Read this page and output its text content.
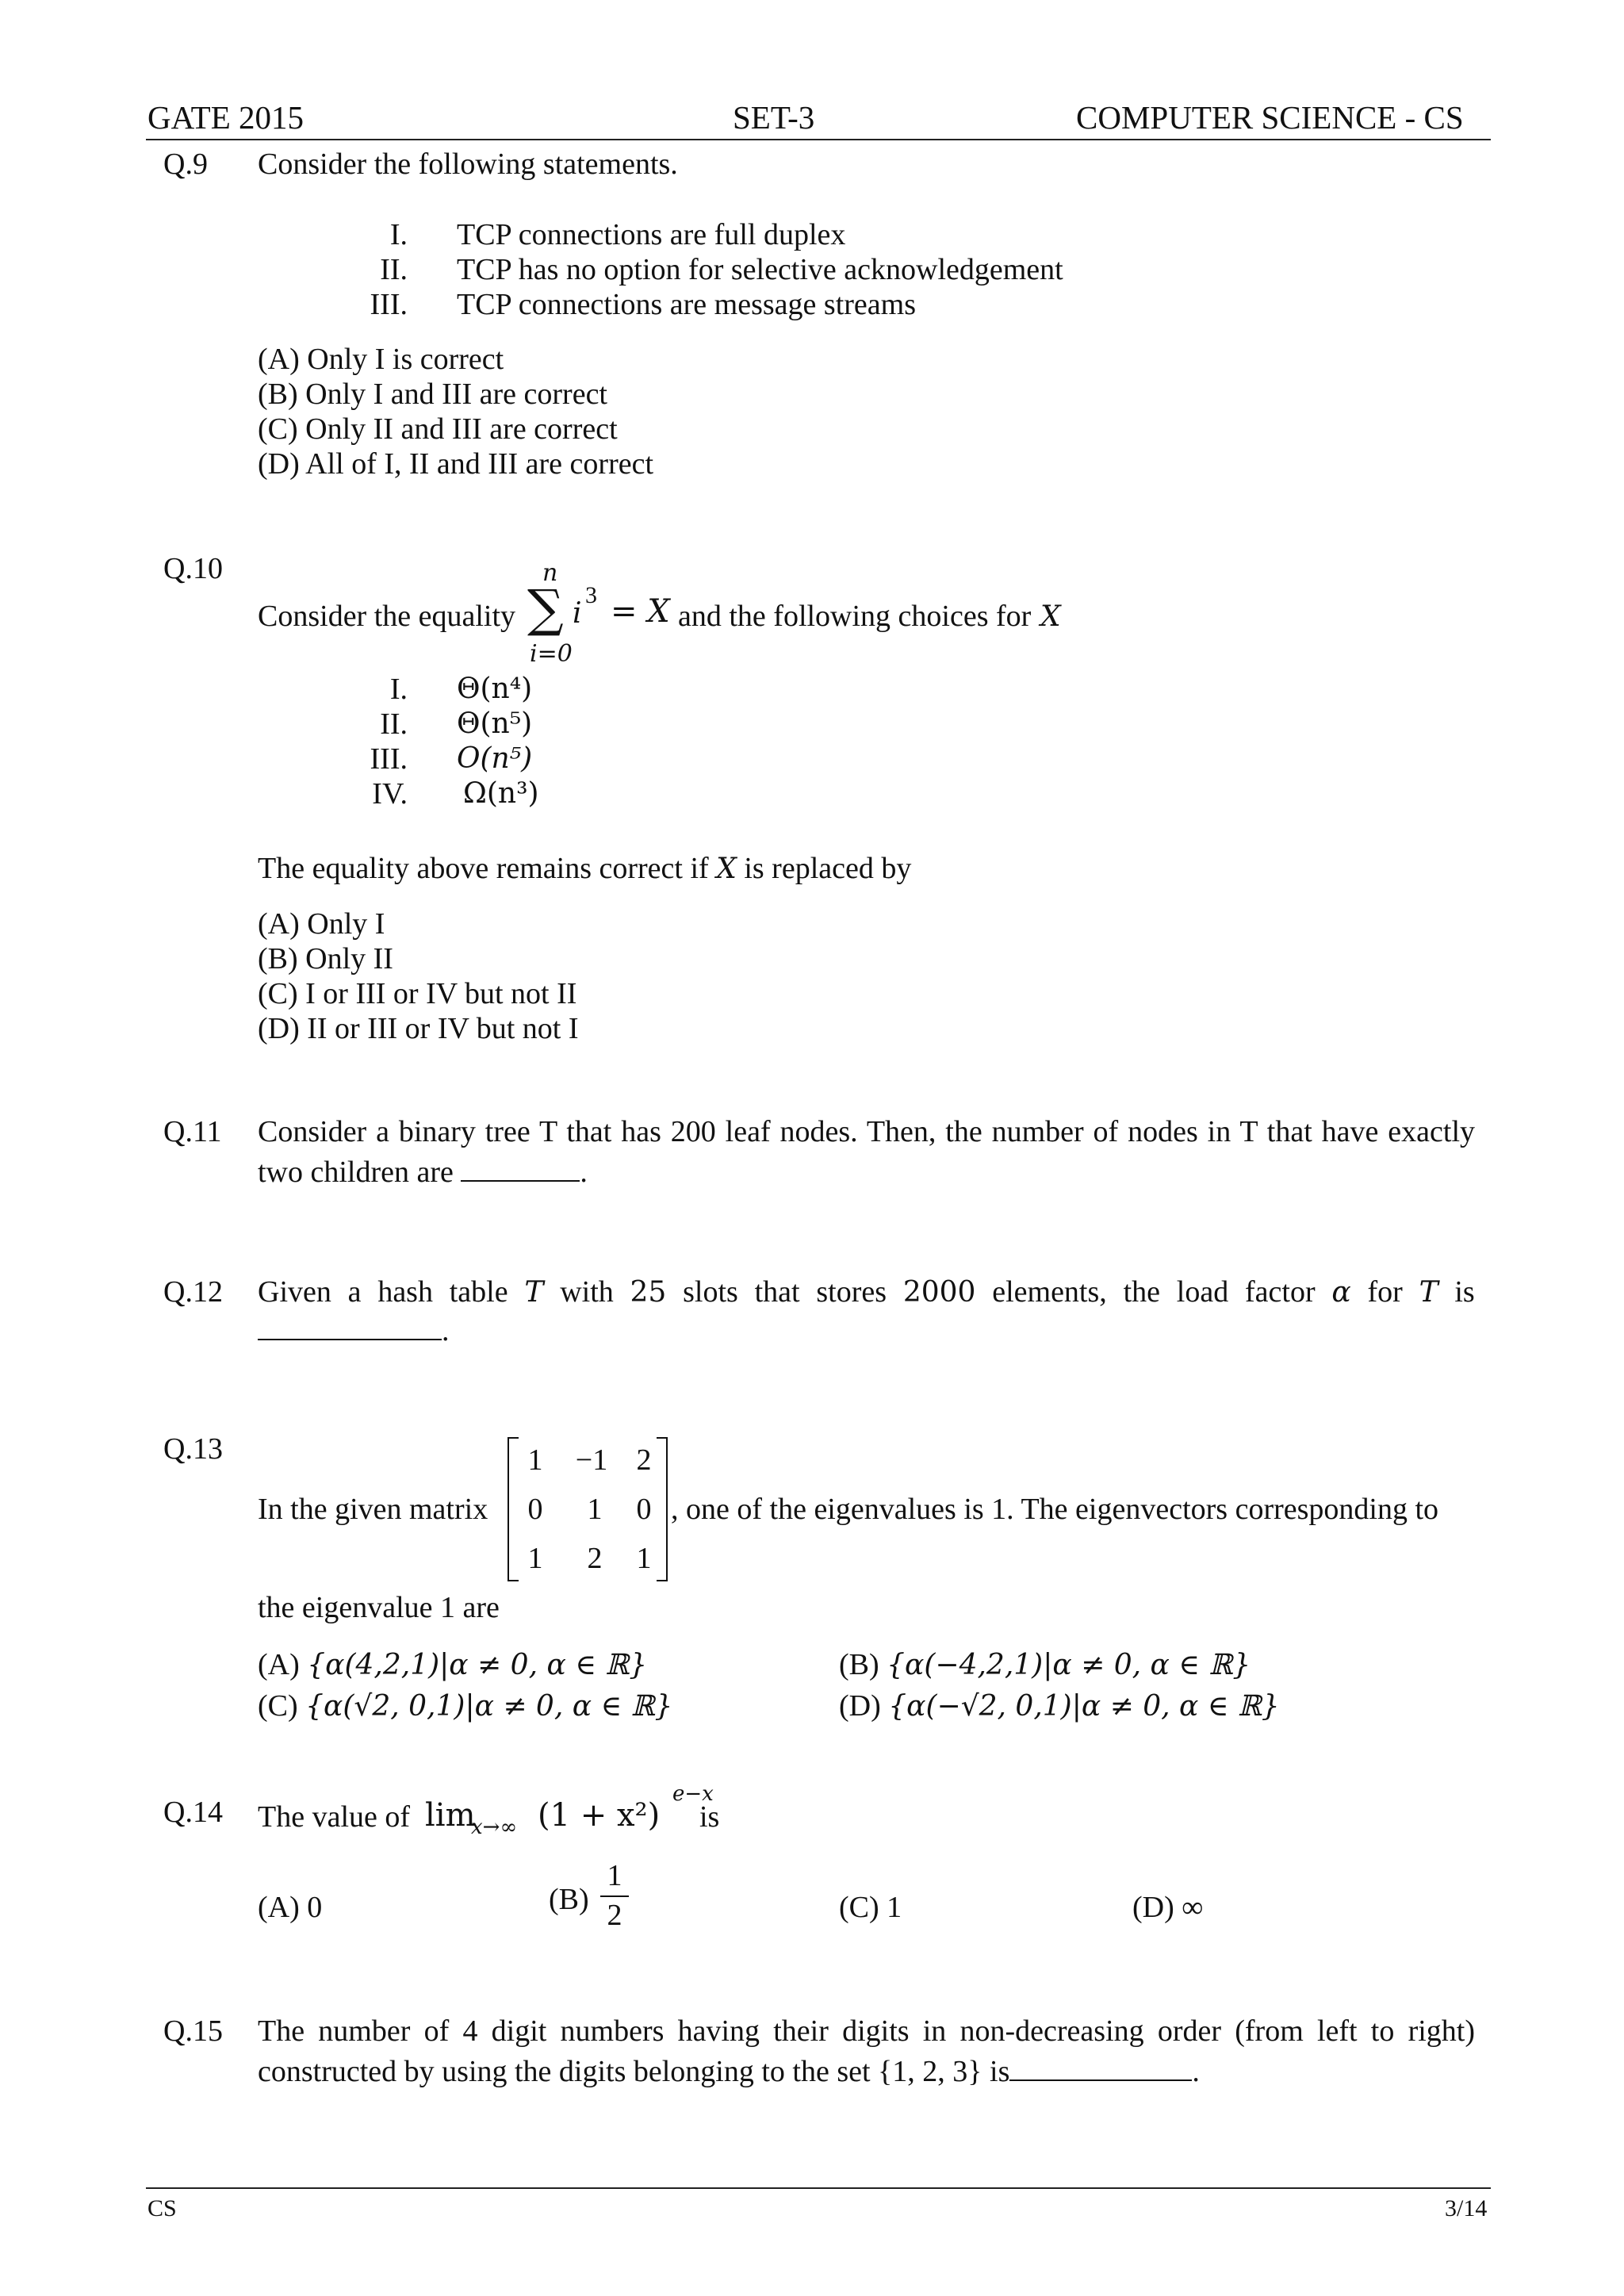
GATE 2015	SET-3	COMPUTER SCIENCE - CS
Q.9 Consider the following statements.
I. TCP connections are full duplex
II. TCP has no option for selective acknowledgement
III. TCP connections are message streams
(A) Only I is correct
(B) Only I and III are correct
(C) Only II and III are correct
(D) All of I, II and III are correct
Q.10
Consider the equality
n
∑ i
3 = X
i=0
and the following choices for X
I. Θ(n⁴)
II. Θ(n⁵)
III. O(n⁵)
IV. Ω(n³)
The equality above remains correct if X is replaced by
(A) Only I
(B) Only II
(C) I or III or IV but not II
(D) II or III or IV but not I
Q.11 Consider a binary tree T that has 200 leaf nodes. Then, the number of nodes in T that have exactly
two children are	.
Q.12 Given a hash table T with 25 slots that stores 2000 elements, the load factor α for T is
.
Q.13
In the given matrix
1	−1 2
0	1	0
1	2	1
, one of the eigenvalues is 1. The eigenvectors corresponding to
the eigenvalue 1 are
(A) {α(4,2,1)|α ≠ 0, α ∈ ℝ}	(B) {α(−4,2,1)|α ≠ 0, α ∈ ℝ}
(C) {α(√2, 0,1)|α ≠ 0, α ∈ ℝ}	(D) {α(−√2, 0,1)|α ≠ 0, α ∈ ℝ}
Q.14 The value of lim
x→∞ (1 + x²)
e−x
is
(A) 0	(B)
1
2	(C) 1	(D) ∞
Q.15 The number of 4 digit numbers having their digits in non-decreasing order (from left to right)
constructed by using the digits belonging to the set {1, 2, 3} is	.
CS	3/14
